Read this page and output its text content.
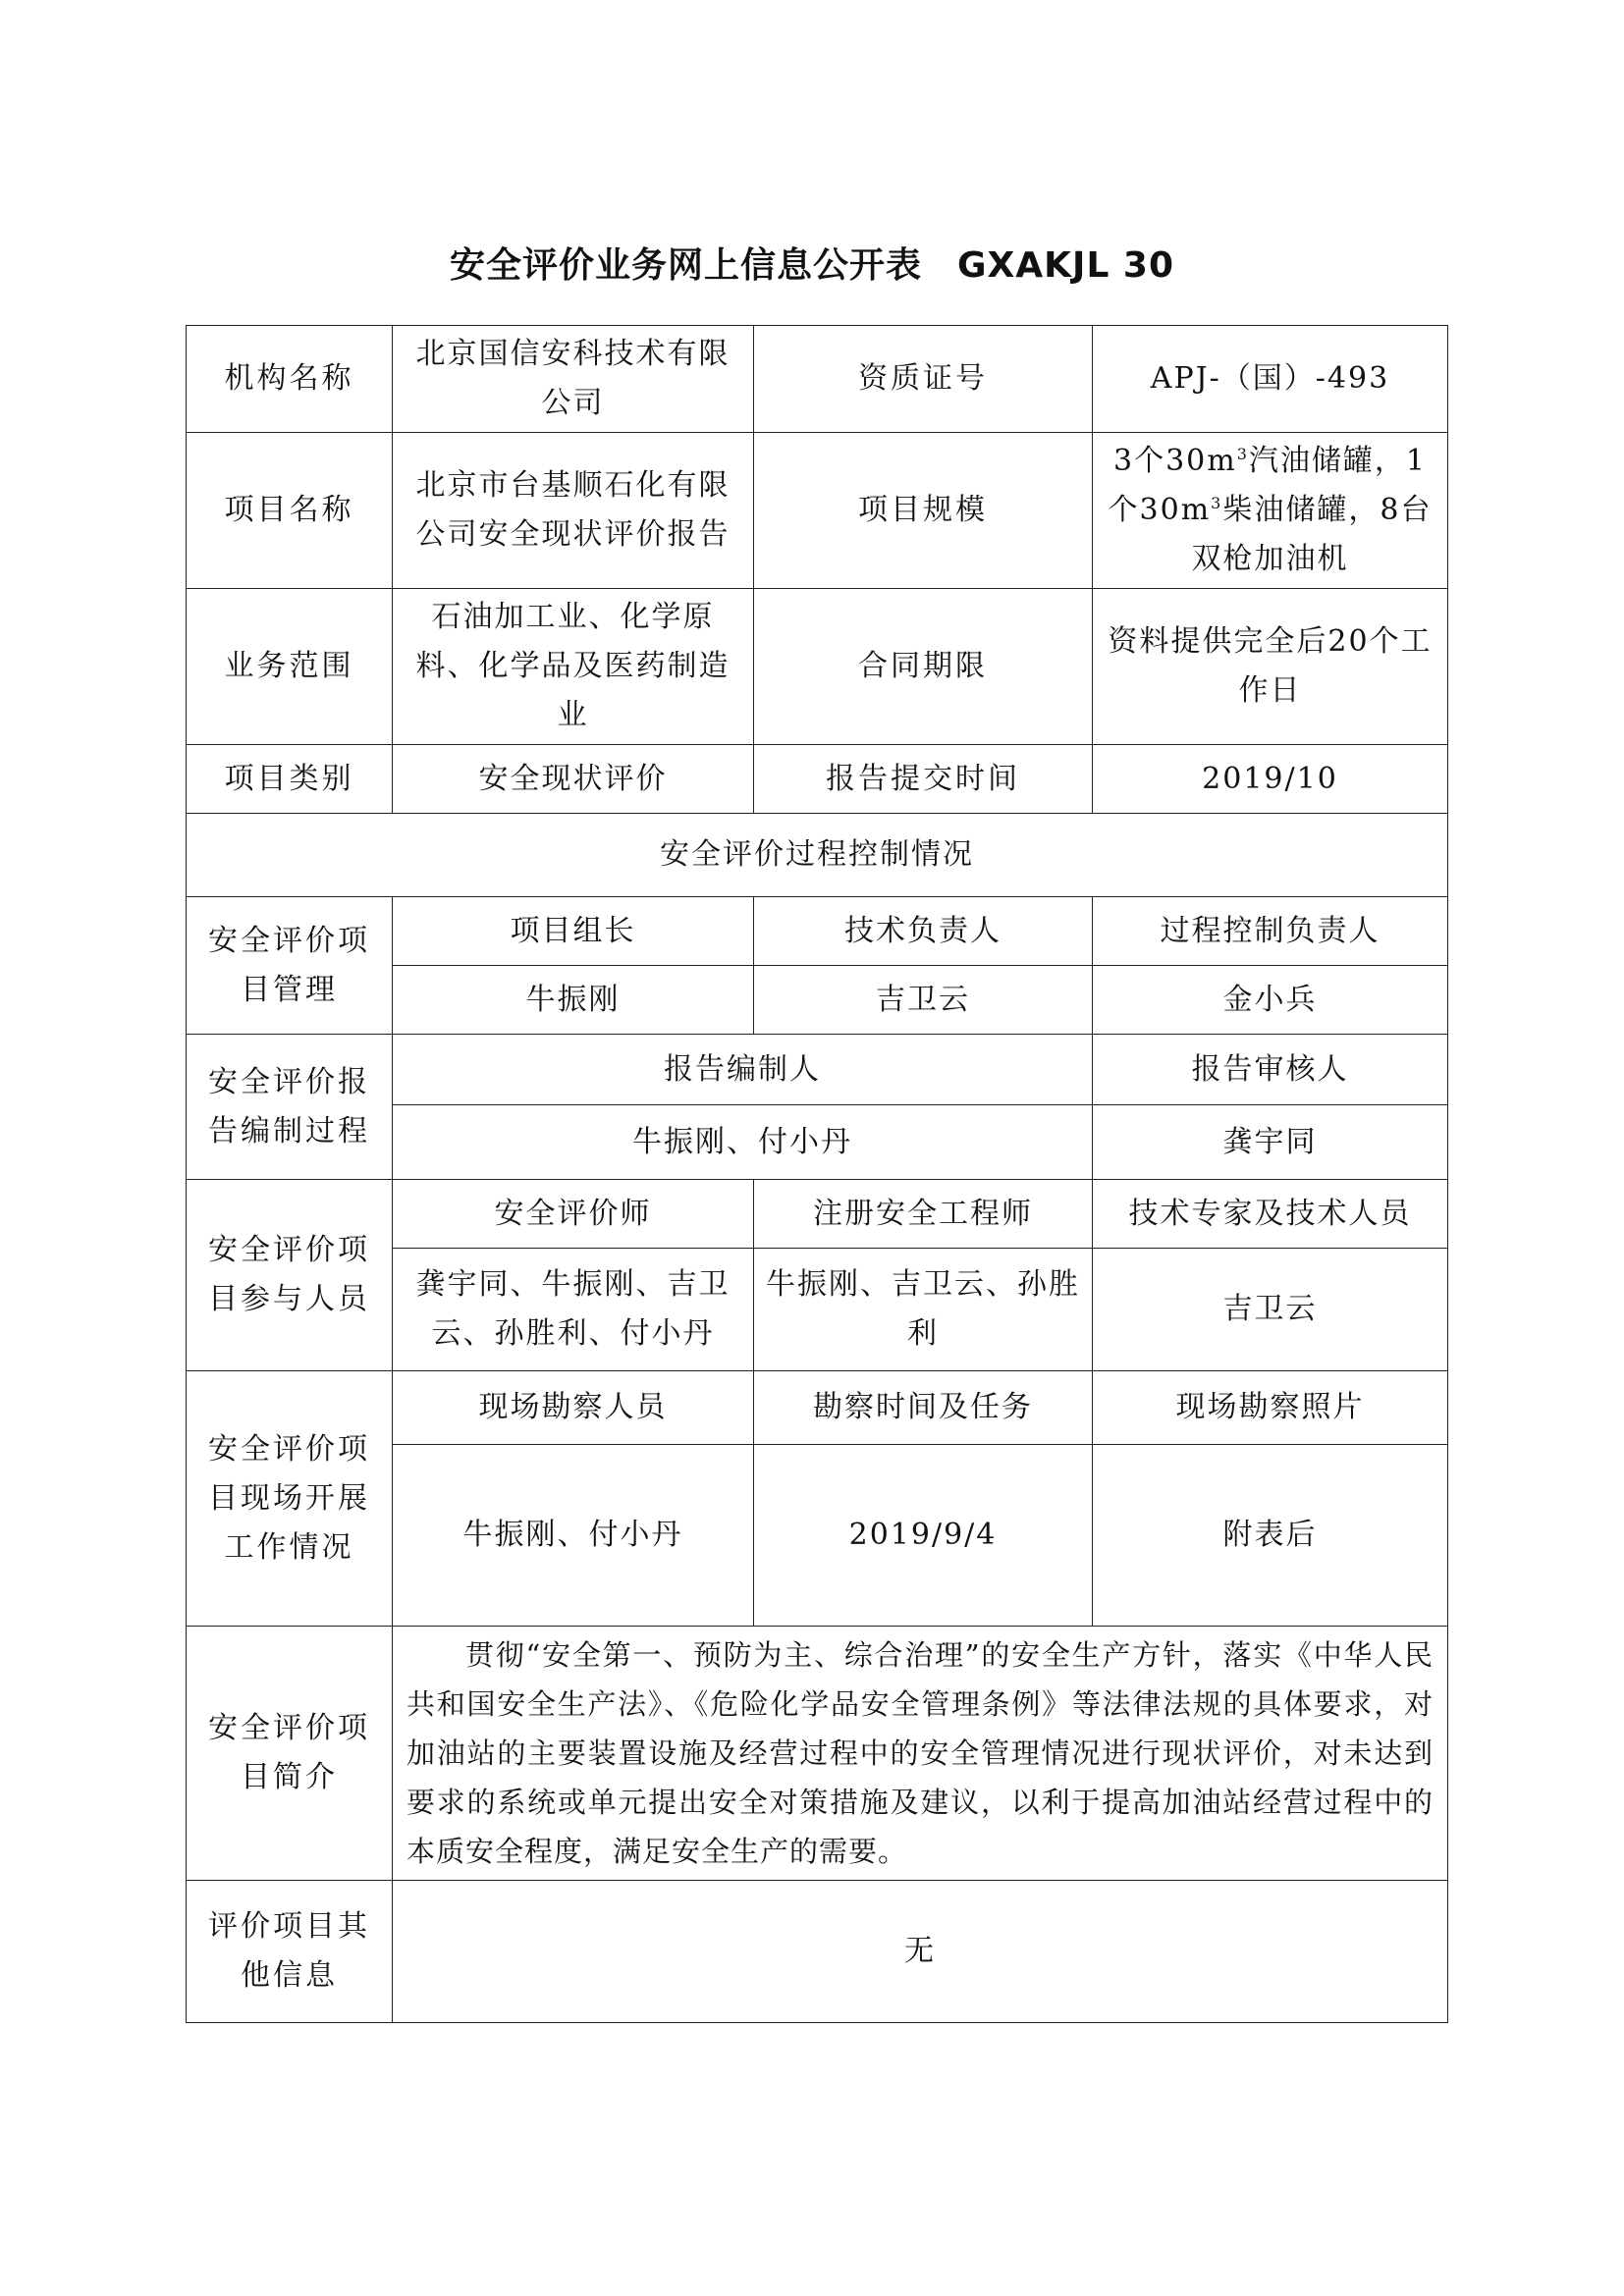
安全评价业务网上信息公开表 GXAKJL 30
机构名称	北京国信安科技术有限公司	资质证号	APJ-（国）-493
项目名称	北京市台基顺石化有限公司安全现状评价报告	项目规模	3个$30m^3$汽油储罐，1个$30m^3$柴油储罐，8台双枪加油机
业务范围	石油加工业、化学原料、化学品及医药制造业	合同期限	资料提供完全后20个工作日
项目类别	安全现状评价	报告提交时间	2019/10
安全评价过程控制情况			
安全评价项目管理	项目组长	技术负责人	过程控制负责人
	牛振刚	吉卫云	金小兵
安全评价报告编制过程	报告编制人		报告审核人
	牛振刚、付小丹		龚宇同
安全评价项目参与人员	安全评价师	注册安全工程师	技术专家及技术人员
	龚宇同、牛振刚、吉卫云、孙胜利、付小丹	牛振刚、吉卫云、孙胜利	吉卫云
安全评价项目现场开展工作情况	现场勘察人员	勘察时间及任务	现场勘察照片
	牛振刚、付小丹	2019/9/4	附表后
安全评价项目简介	贯彻“安全第一、预防为主、综合治理”的安全生产方针，落实《中华人民共和国安全生产法》、《危险化学品安全管理条例》等法律法规的具体要求，对加油站的主要装置设施及经营过程中的安全管理情况进行现状评价，对未达到要求的系统或单元提出安全对策措施及建议，以利于提高加油站经营过程中的本质安全程度，满足安全生产的需要。		
评价项目其他信息	无		
